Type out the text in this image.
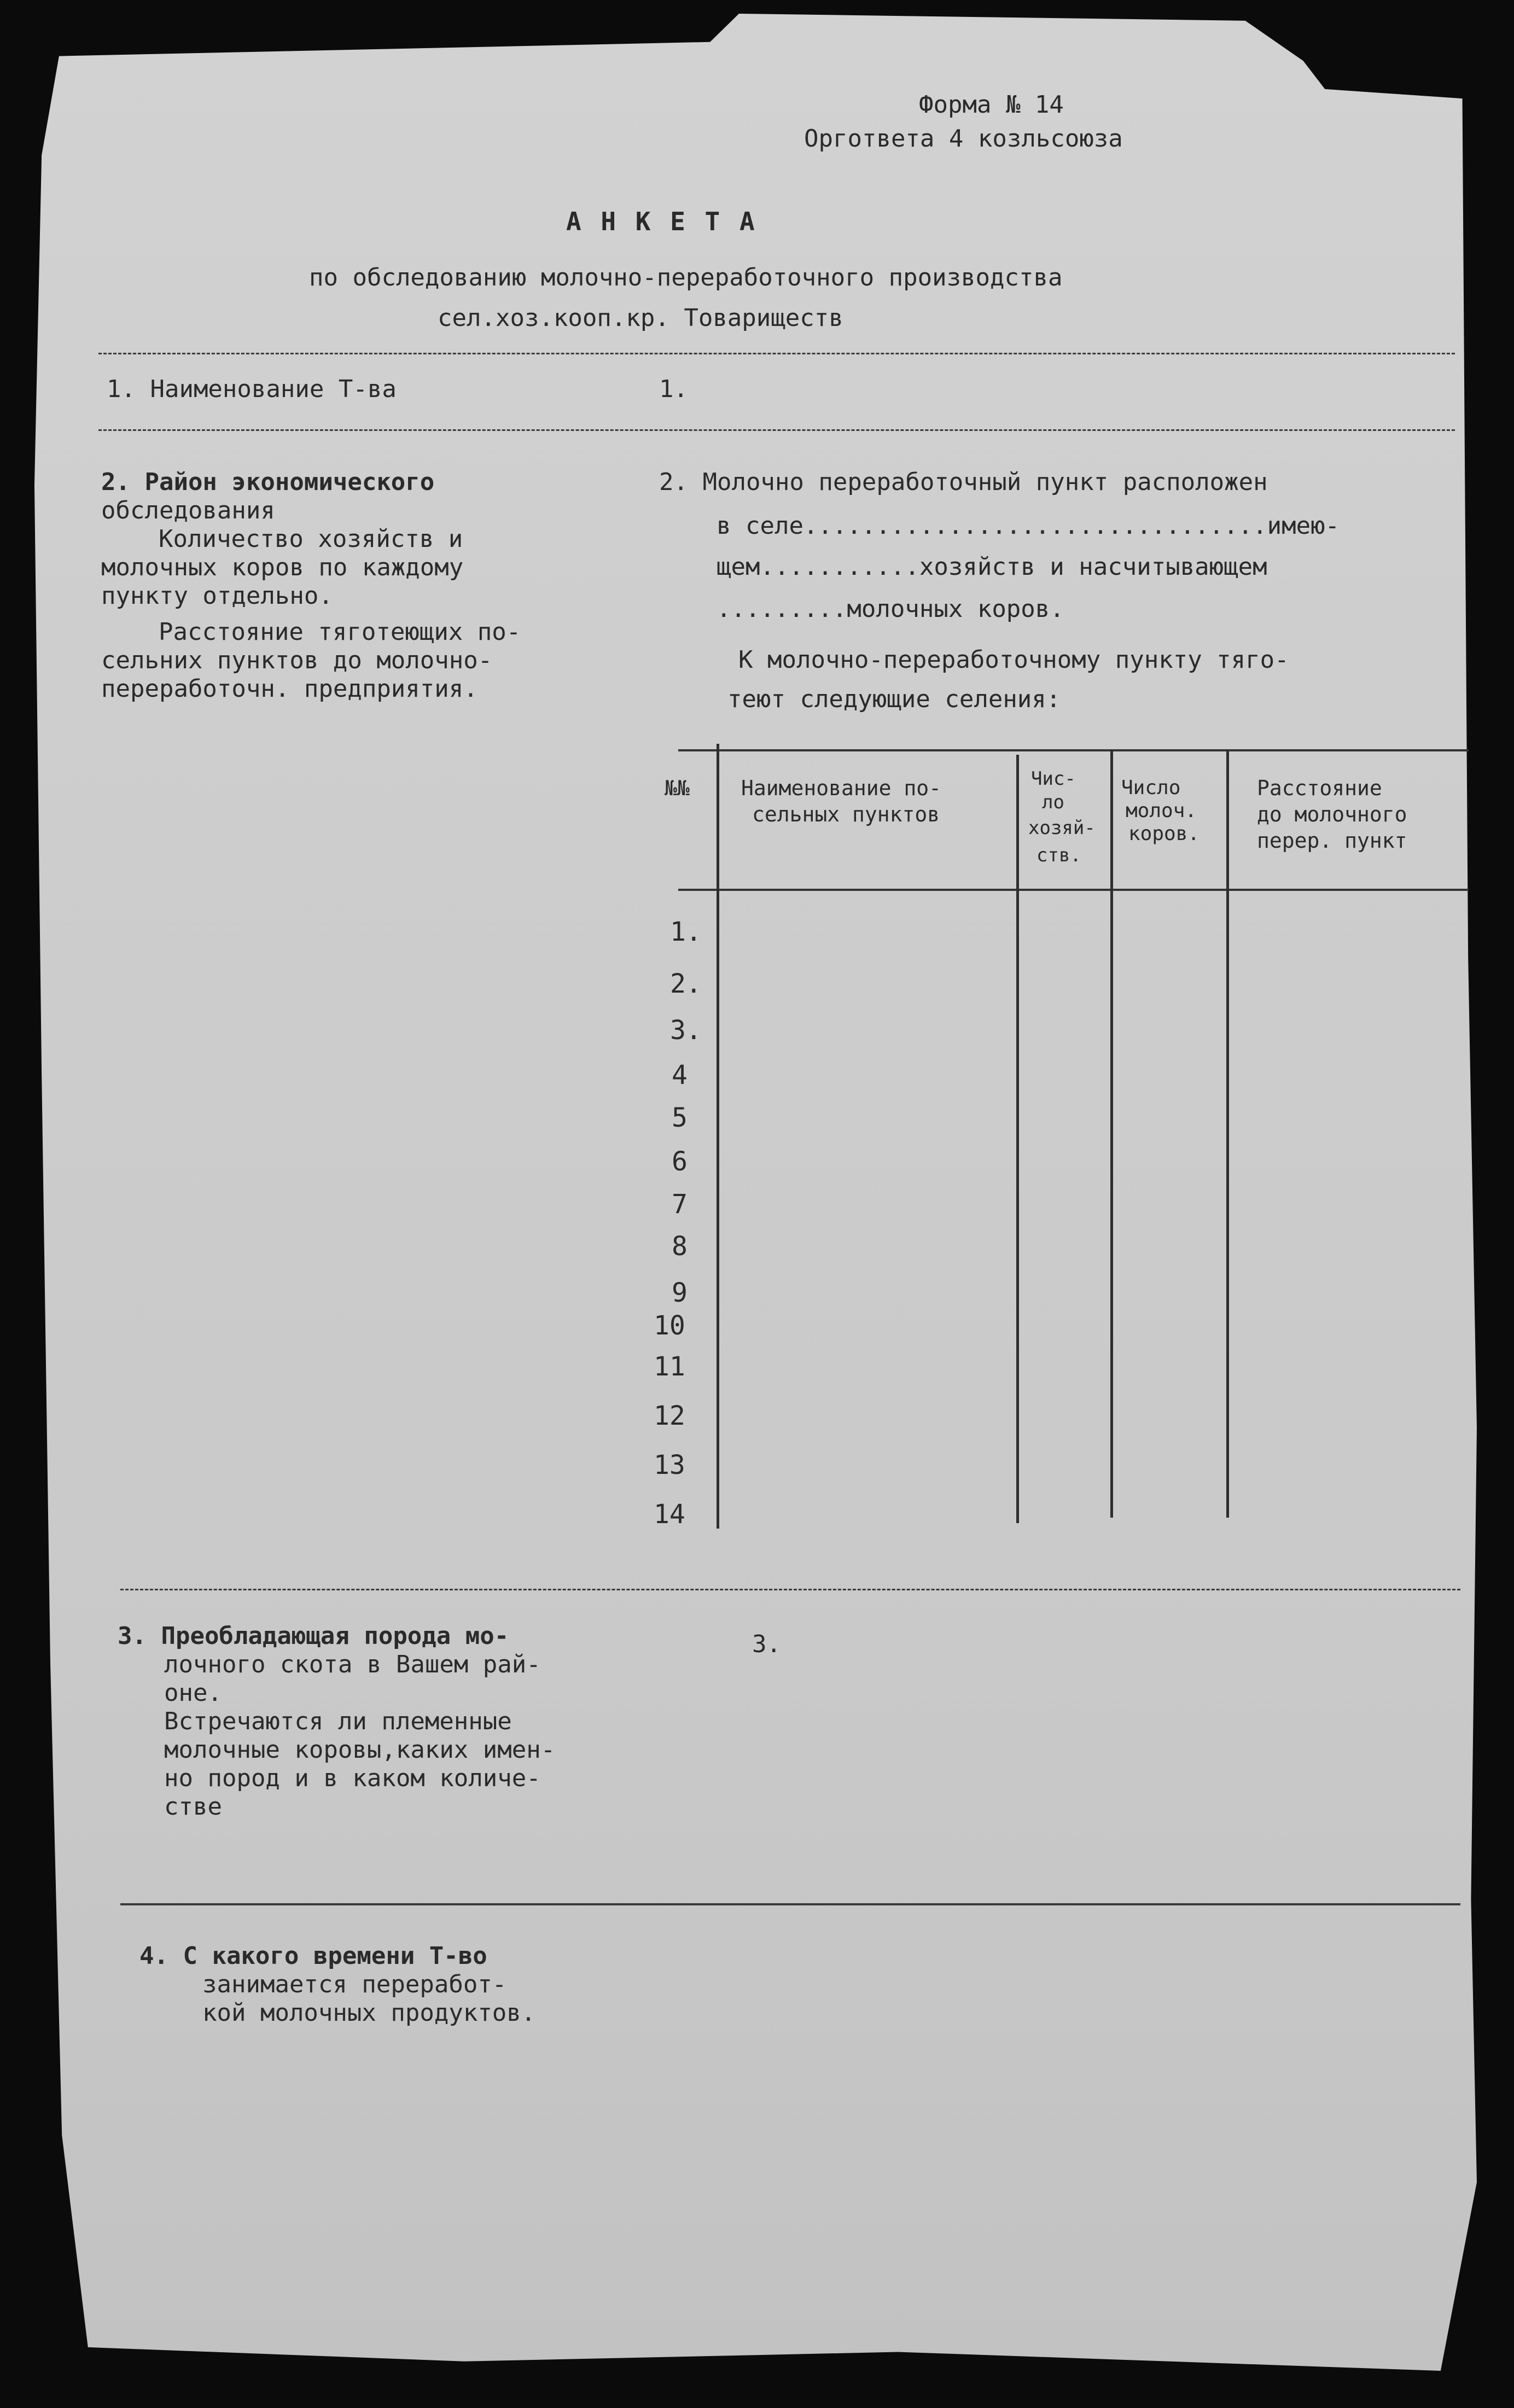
Форма № 14
Оргответа 4 козльсоюза
А Н К Е Т А
по обследованию молочно-переработочного производства
сел.хоз.кооп.кр. Товариществ
1. Наименование Т-ва	1.
2. Район экономического
обследования
Количество хозяйств и
молочных коров по каждому
пункту отдельно.
Расстояние тяготеющих по-
сельних пунктов до молочно-
переработочн. предприятия.
2. Молочно переработочный пункт расположен
в селе................................имею-
щем...........хозяйств и насчитывающем
.........молочных коров.
К молочно-переработочному пункту тяго-
теют следующие селения:
№№ Наименование по-
сельных пунктов
Чис-
ло
хозяй-
ств.
Число
молоч.
коров.
Расстояние
до молочного
перер. пункт
1.
2.
3.
4
5
6
7
8
9
10
11
12
13
14
3. Преобладающая порода мо-
лочного скота в Вашем рай-
оне.
Встречаются ли племенные
молочные коровы,каких имен-
но пород и в каком количе-
стве
3.
4. С какого времени Т-во
занимается переработ-
кой молочных продуктов.
